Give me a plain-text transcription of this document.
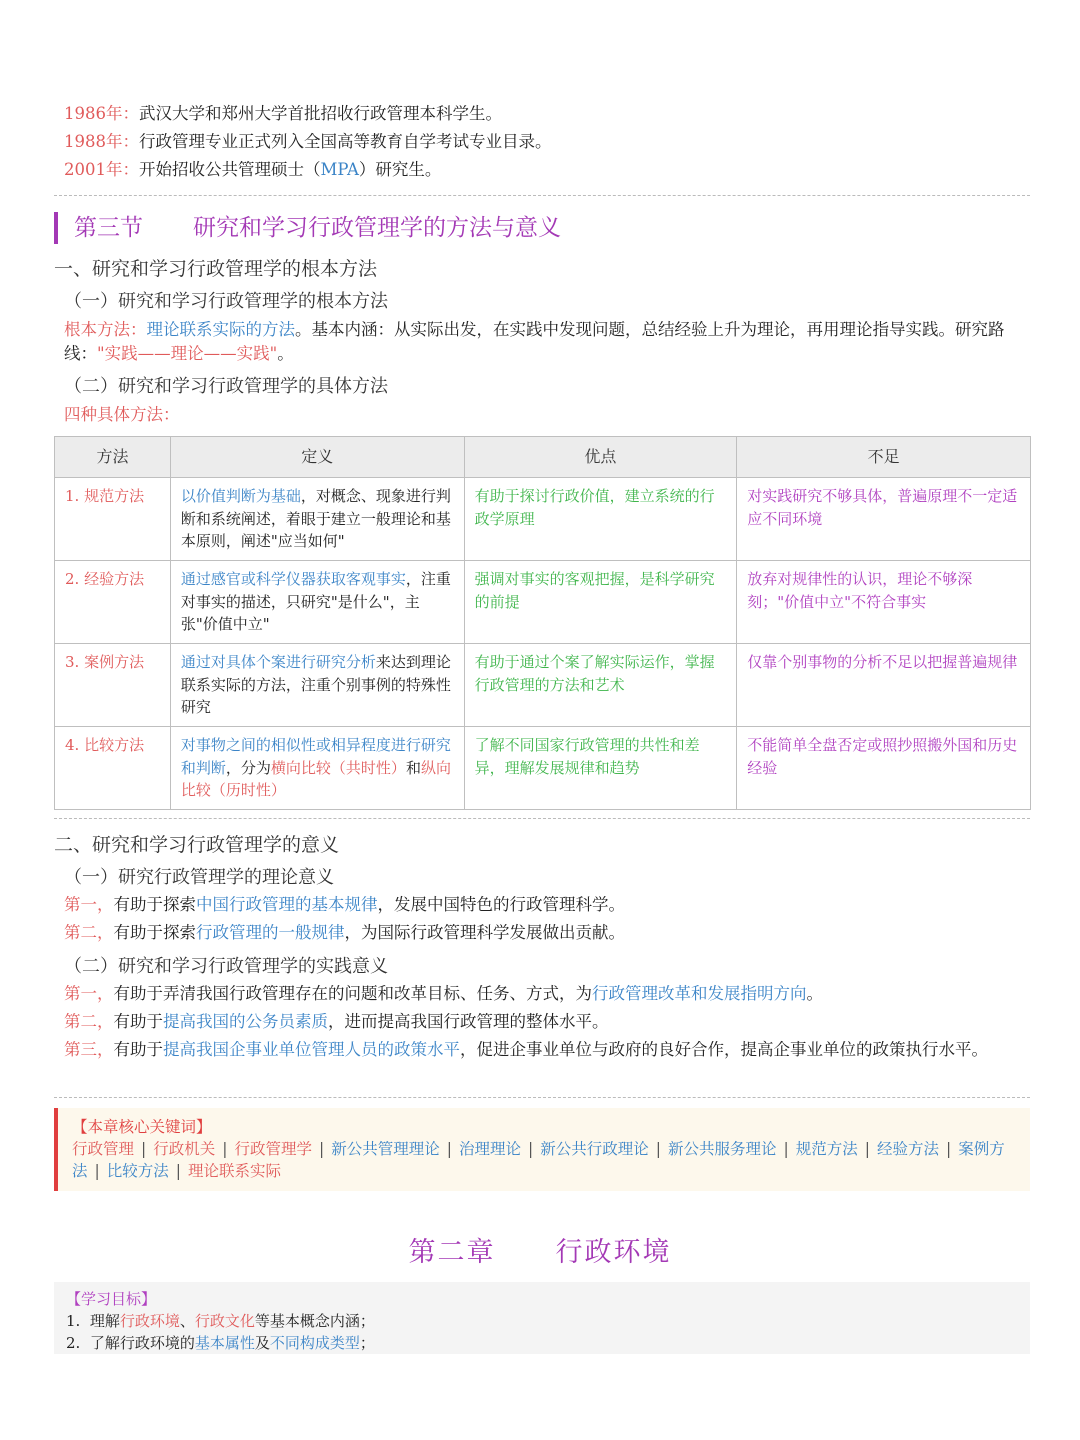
1986年：武汉大学和郑州大学首批招收行政管理本科学生。
1988年：行政管理专业正式列入全国高等教育自学考试专业目录。
2001年：开始招收公共管理硕士（MPA）研究生。
第三节 研究和学习行政管理学的方法与意义
一、研究和学习行政管理学的根本方法
（一）研究和学习行政管理学的根本方法
根本方法：理论联系实际的方法。基本内涵：从实际出发，在实践中发现问题，总结经验上升为理论，再用理论指导实践。研究路线："实践——理论——实践"。
（二）研究和学习行政管理学的具体方法
四种具体方法：
方法	定义	优点	不足
1. 规范方法	以价值判断为基础，对概念、现象进行判断和系统阐述，着眼于建立一般理论和基本原则，阐述"应当如何"	有助于探讨行政价值，建立系统的行政学原理	对实践研究不够具体，普遍原理不一定适应不同环境
2. 经验方法	通过感官或科学仪器获取客观事实，注重对事实的描述，只研究"是什么"，主张"价值中立"	强调对事实的客观把握，是科学研究的前提	放弃对规律性的认识，理论不够深刻；"价值中立"不符合事实
3. 案例方法	通过对具体个案进行研究分析来达到理论联系实际的方法，注重个别事例的特殊性研究	有助于通过个案了解实际运作，掌握行政管理的方法和艺术	仅靠个别事物的分析不足以把握普遍规律
4. 比较方法	对事物之间的相似性或相异程度进行研究和判断，分为横向比较（共时性）和纵向比较（历时性）	了解不同国家行政管理的共性和差异，理解发展规律和趋势	不能简单全盘否定或照抄照搬外国和历史经验
二、研究和学习行政管理学的意义
（一）研究行政管理学的理论意义
第一，有助于探索中国行政管理的基本规律，发展中国特色的行政管理科学。
第二，有助于探索行政管理的一般规律，为国际行政管理科学发展做出贡献。
（二）研究和学习行政管理学的实践意义
第一，有助于弄清我国行政管理存在的问题和改革目标、任务、方式，为行政管理改革和发展指明方向。
第二，有助于提高我国的公务员素质，进而提高我国行政管理的整体水平。
第三，有助于提高我国企事业单位管理人员的政策水平，促进企事业单位与政府的良好合作，提高企事业单位的政策执行水平。
【本章核心关键词】
行政管理 | 行政机关 | 行政管理学 | 新公共管理理论 | 治理理论 | 新公共行政理论 | 新公共服务理论 | 规范方法 | 经验方法 | 案例方法 | 比较方法 | 理论联系实际
第二章 行政环境
【学习目标】
1. 理解行政环境、行政文化等基本概念内涵；
2. 了解行政环境的基本属性及不同构成类型；
